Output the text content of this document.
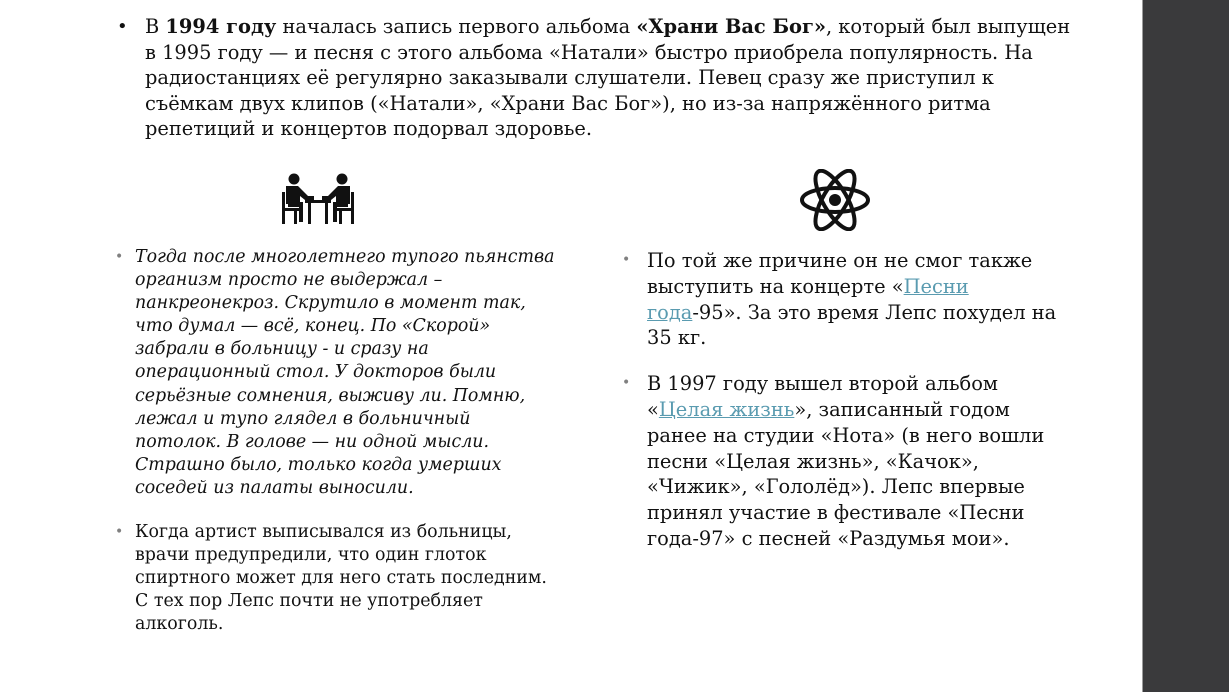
• В 1994 году началась запись первого альбома «Храни Вас Бог», который был выпущен в 1995 году — и песня с этого альбома «Натали» быстро приобрела популярность. На радиостанциях её регулярно заказывали слушатели. Певец сразу же приступил к съёмкам двух клипов («Натали», «Храни Вас Бог»), но из-за напряжённого ритма репетиций и концертов подорвал здоровье.
• Тогда после многолетнего тупого пьянства организм просто не выдержал – панкреонекроз. Скрутило в момент так, что думал — всё, конец. По «Скорой» забрали в больницу - и сразу на операционный стол. У докторов были серьёзные сомнения, выживу ли. Помню, лежал и тупо глядел в больничный потолок. В голове — ни одной мысли. Страшно было, только когда умерших соседей из палаты выносили.
• Когда артист выписывался из больницы, врачи предупредили, что один глоток спиртного может для него стать последним. С тех пор Лепс почти не употребляет алкоголь.
• По той же причине он не смог также выступить на концерте «Песни года-95». За это время Лепс похудел на 35 кг.
• В 1997 году вышел второй альбом «Целая жизнь», записанный годом ранее на студии «Нота» (в него вошли песни «Целая жизнь», «Качок», «Чижик», «Гололёд»). Лепс впервые принял участие в фестивале «Песни года-97» с песней «Раздумья мои».
